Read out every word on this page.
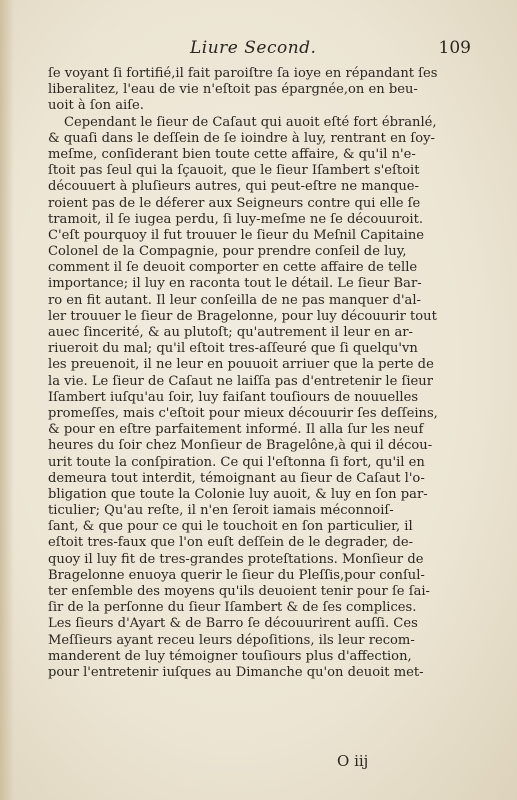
Liure Second.	109
ſe voyant ſi fortifié,il fait paroiſtre ſa ioye en répandant ſes
liberalitez, l'eau de vie n'eſtoit pas épargnée,on en beu-
uoit à ſon aiſe.
Cependant le ſieur de Caſaut qui auoit eſté fort ébranlé,
& quaſi dans le deſſein de ſe ioindre à luy, rentrant en ſoy-
meſme, conſiderant bien toute cette affaire, & qu'il n'e-
ſtoit pas ſeul qui la ſçauoit, que le ſieur Iſambert s'eſtoit
découuert à pluſieurs autres, qui peut-eſtre ne manque-
roient pas de le déferer aux Seigneurs contre qui elle ſe
tramoit, il ſe iugea perdu, ſi luy-meſme ne ſe découuroit.
C'eſt pourquoy il fut trouuer le ſieur du Meſnil Capitaine
Colonel de la Compagnie, pour prendre conſeil de luy,
comment il ſe deuoit comporter en cette affaire de telle
importance; il luy en raconta tout le détail. Le ſieur Bar-
ro en fit autant. Il leur conſeilla de ne pas manquer d'al-
ler trouuer le ſieur de Bragelonne, pour luy découurir tout
auec ſincerité, & au plutoſt; qu'autrement il leur en ar-
riueroit du mal; qu'il eſtoit tres-aſſeuré que ſi quelqu'vn
les preuenoit, il ne leur en pouuoit arriuer que la perte de
la vie. Le ſieur de Caſaut ne laiſſa pas d'entretenir le ſieur
Iſambert iuſqu'au ſoir, luy faiſant touſiours de nouuelles
promeſſes, mais c'eſtoit pour mieux découurir ſes deſſeins,
& pour en eſtre parfaitement informé. Il alla ſur les neuf
heures du ſoir chez Monſieur de Bragelône,à qui il décou-
urit toute la conſpiration. Ce qui l'eſtonna ſi fort, qu'il en
demeura tout interdit, témoignant au ſieur de Caſaut l'o-
bligation que toute la Colonie luy auoit, & luy en ſon par-
ticulier; Qu'au reſte, il n'en ſeroit iamais méconnoiſ-
ſant, & que pour ce qui le touchoit en ſon particulier, il
eſtoit tres-faux que l'on euſt deſſein de le degrader, de-
quoy il luy fit de tres-grandes proteſtations. Monſieur de
Bragelonne enuoya querir le ſieur du Pleſſis,pour conſul-
ter enſemble des moyens qu'ils deuoient tenir pour ſe ſai-
ſir de la perſonne du ſieur Iſambert & de ſes complices.
Les ſieurs d'Ayart & de Barro ſe découurirent auſſi. Ces
Meſſieurs ayant receu leurs dépoſitions, ils leur recom-
manderent de luy témoigner touſiours plus d'affection,
pour l'entretenir iuſques au Dimanche qu'on deuoit met-
O iij
